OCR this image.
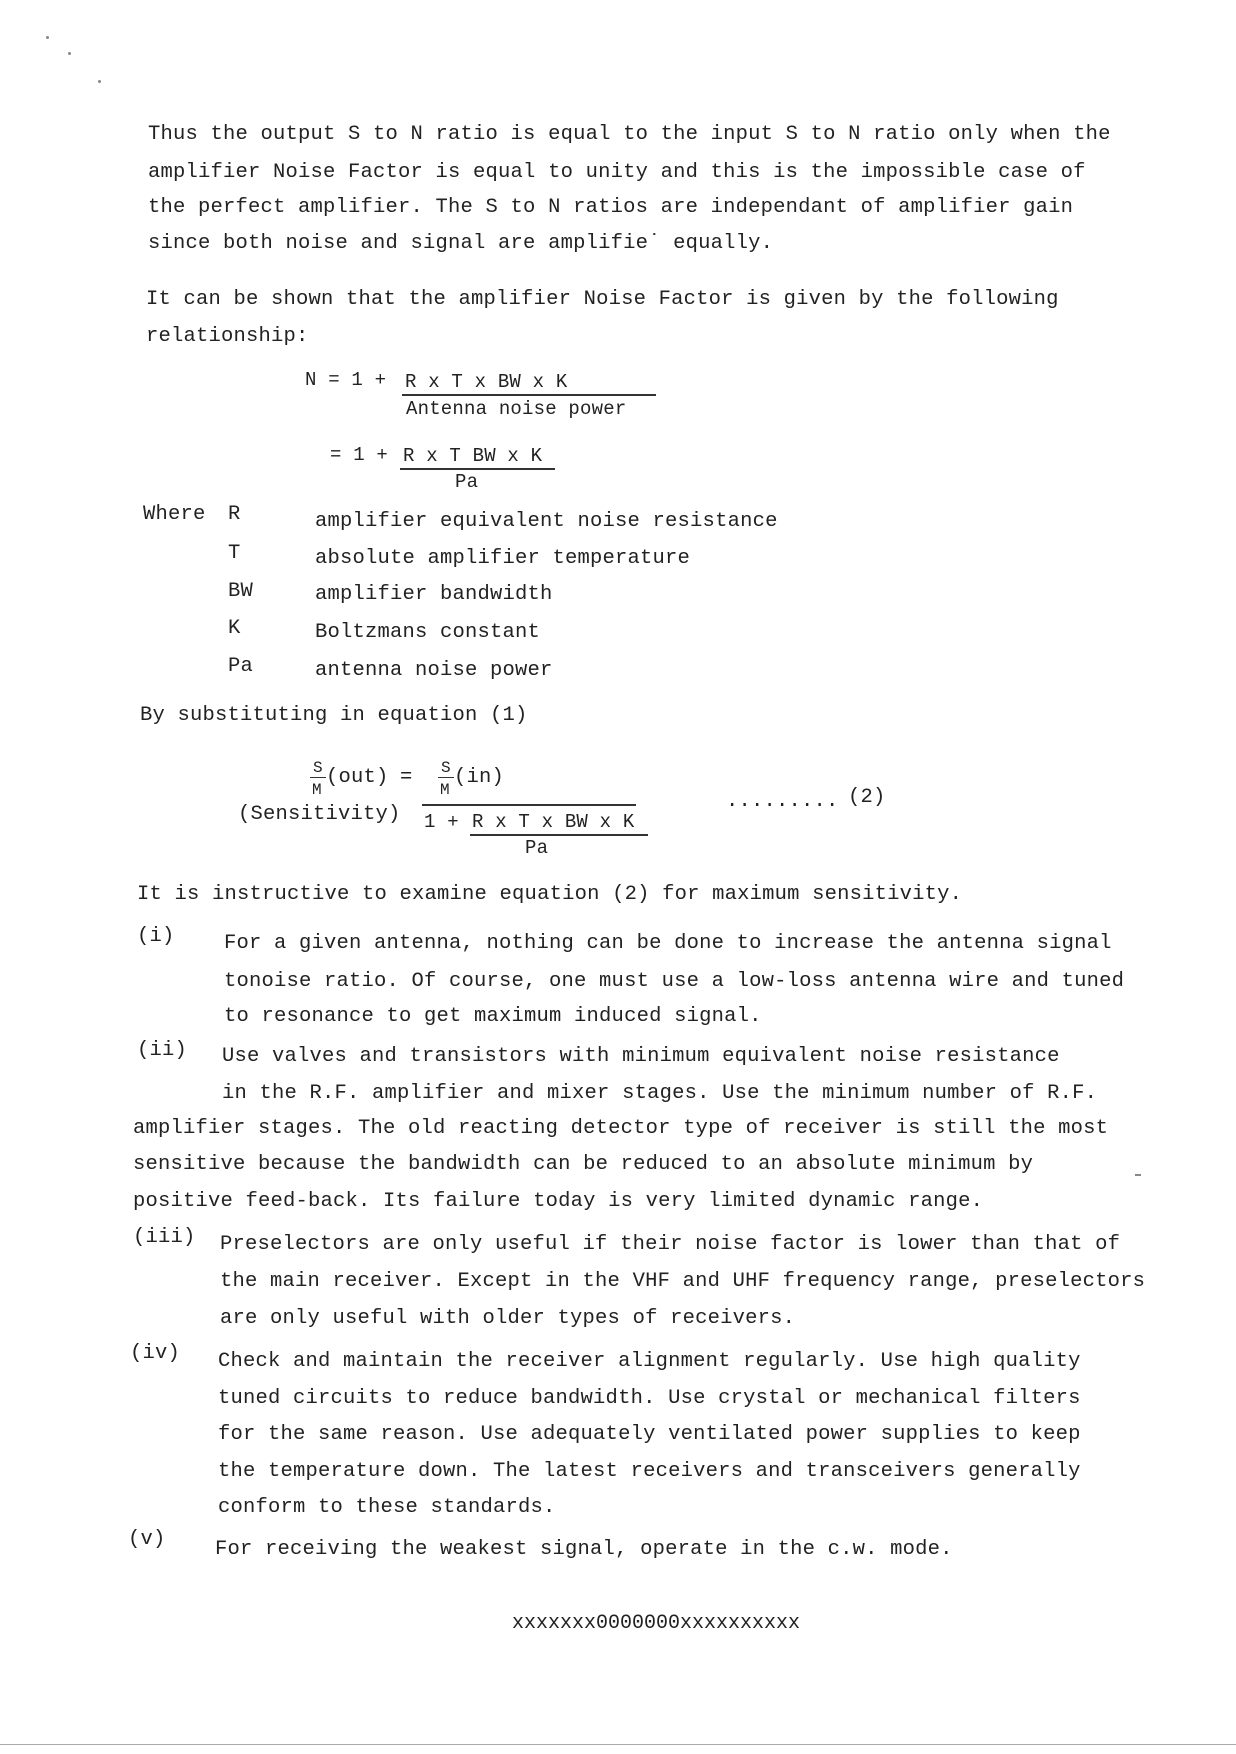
Thus the output S to N ratio is equal to the input S to N ratio only when the
amplifier Noise Factor is equal to unity and this is the impossible case of
the perfect amplifier. The S to N ratios are independant of amplifier gain
since both noise and signal are amplifie˙ equally.
It can be shown that the amplifier Noise Factor is given by the following
relationship:
N = 1 + R x T x BW x K
Antenna noise power
= 1 + R x T BW x K
Pa
Where R	amplifier equivalent noise resistance
T	absolute amplifier temperature
BW	amplifier bandwidth
K	Boltzmans constant
Pa	antenna noise power
By substituting in equation (1)
S
M
(out) = S
M
(in)
(Sensitivity) 1 + R x T x BW x K
Pa
......... (2)
It is instructive to examine equation (2) for maximum sensitivity.
(i) For a given antenna, nothing can be done to increase the antenna signal
tonoise ratio. Of course, one must use a low-loss antenna wire and tuned
to resonance to get maximum induced signal.
(ii) Use valves and transistors with minimum equivalent noise resistance
in the R.F. amplifier and mixer stages. Use the minimum number of R.F.
amplifier stages. The old reacting detector type of receiver is still the most
sensitive because the bandwidth can be reduced to an absolute minimum by
positive feed-back. Its failure today is very limited dynamic range.
(iii) Preselectors are only useful if their noise factor is lower than that of
the main receiver. Except in the VHF and UHF frequency range, preselectors
are only useful with older types of receivers.
(iv) Check and maintain the receiver alignment regularly. Use high quality
tuned circuits to reduce bandwidth. Use crystal or mechanical filters
for the same reason. Use adequately ventilated power supplies to keep
the temperature down. The latest receivers and transceivers generally
conform to these standards.
(v) For receiving the weakest signal, operate in the c.w. mode.
xxxxxxx0000000xxxxxxxxxx
